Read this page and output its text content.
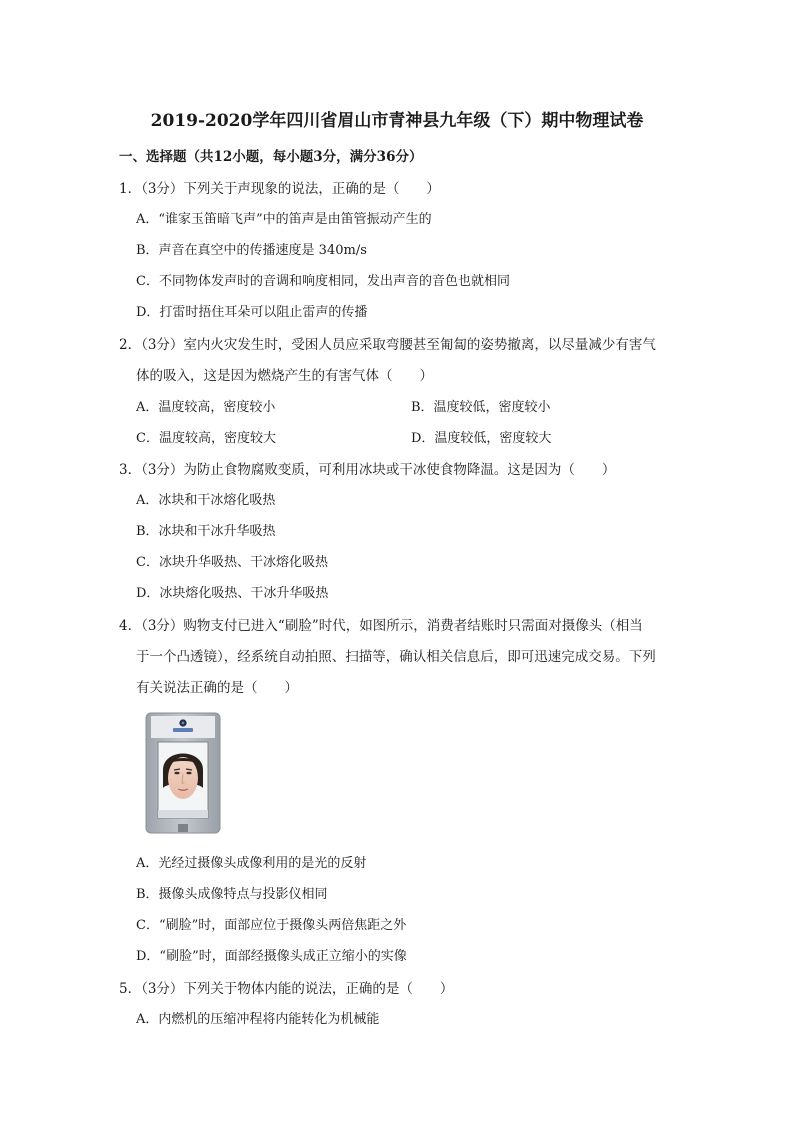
2019-2020学年四川省眉山市青神县九年级（下）期中物理试卷
一、选择题（共12小题，每小题3分，满分36分）
1．（3分）下列关于声现象的说法，正确的是（　　）
A．“谁家玉笛暗飞声”中的笛声是由笛管振动产生的
B．声音在真空中的传播速度是 340m/s
C．不同物体发声时的音调和响度相同，发出声音的音色也就相同
D．打雷时捂住耳朵可以阻止雷声的传播
2．（3分）室内火灾发生时，受困人员应采取弯腰甚至匍匐的姿势撤离，以尽量减少有害气
体的吸入，这是因为燃烧产生的有害气体（　　）
A．温度较高，密度较小	B．温度较低，密度较小
C．温度较高，密度较大	D．温度较低，密度较大
3．（3分）为防止食物腐败变质，可利用冰块或干冰使食物降温。这是因为（　　）
A．冰块和干冰熔化吸热
B．冰块和干冰升华吸热
C．冰块升华吸热、干冰熔化吸热
D．冰块熔化吸热、干冰升华吸热
4．（3分）购物支付已进入“刷脸”时代，如图所示，消费者结账时只需面对摄像头（相当
于一个凸透镜），经系统自动拍照、扫描等，确认相关信息后，即可迅速完成交易。下列
有关说法正确的是（　　）
A．光经过摄像头成像利用的是光的反射
B．摄像头成像特点与投影仪相同
C．“刷脸”时，面部应位于摄像头两倍焦距之外
D．“刷脸”时，面部经摄像头成正立缩小的实像
5．（3分）下列关于物体内能的说法，正确的是（　　）
A．内燃机的压缩冲程将内能转化为机械能
